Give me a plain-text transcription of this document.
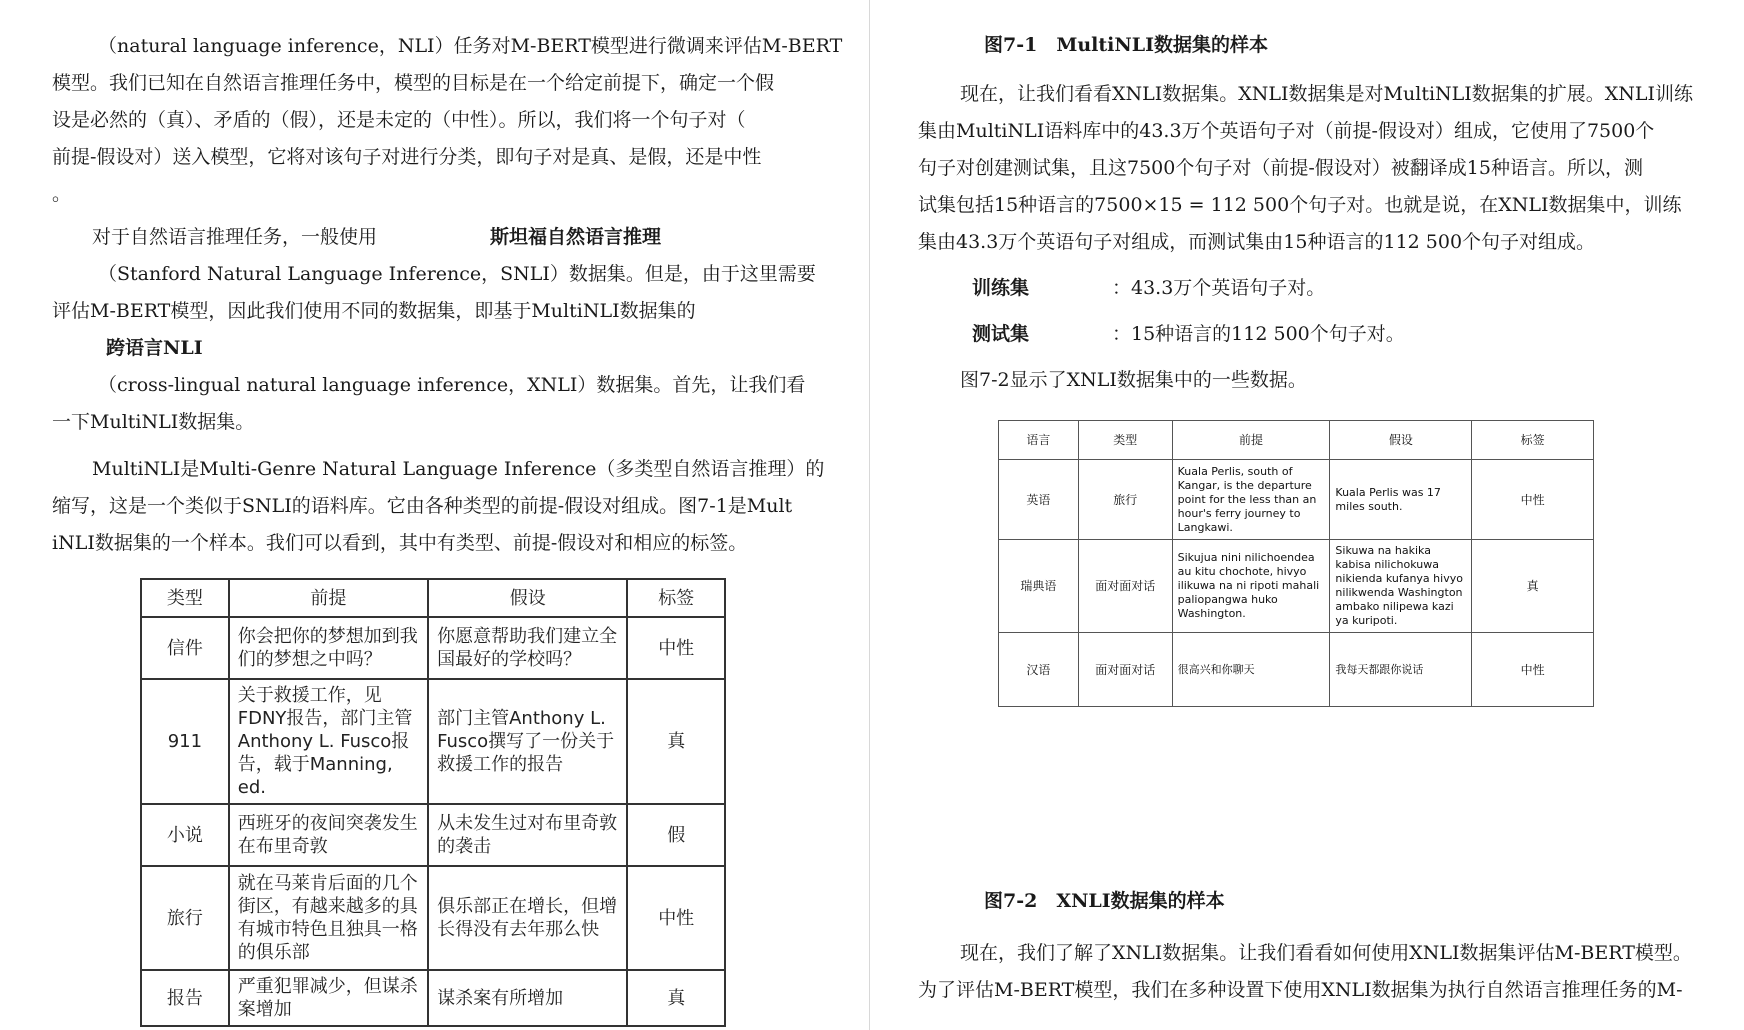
（natural language inference，NLI）任务对M-BERT模型进行微调来评估M-BERT
模型。我们已知在自然语言推理任务中，模型的目标是在一个给定前提下，确定一个假
设是必然的（真）、矛盾的（假），还是未定的（中性）。所以，我们将一个句子对（
前提-假设对）送入模型，它将对该句子对进行分类，即句子对是真、是假，还是中性
。
对于自然语言推理任务，一般使用	斯坦福自然语言推理
（Stanford Natural Language Inference，SNLI）数据集。但是，由于这里需要
评估M-BERT模型，因此我们使用不同的数据集，即基于MultiNLI数据集的
跨语言NLI
（cross-lingual natural language inference，XNLI）数据集。首先，让我们看
一下MultiNLI数据集。
MultiNLI是Multi-Genre Natural Language Inference（多类型自然语言推理）的
缩写，这是一个类似于SNLI的语料库。它由各种类型的前提-假设对组成。图7-1是Mult
iNLI数据集的一个样本。我们可以看到，其中有类型、前提-假设对和相应的标签。
类型	前提	假设	标签
信件	你会把你的梦想加到我们的梦想之中吗？	你愿意帮助我们建立全国最好的学校吗？	中性
911	关于救援工作，见FDNY报告，部门主管Anthony L. Fusco报告，载于Manning, ed.	部门主管Anthony L. Fusco撰写了一份关于救援工作的报告	真
小说	西班牙的夜间突袭发生在布里奇敦	从未发生过对布里奇敦的袭击	假
旅行	就在马莱肯后面的几个街区，有越来越多的具有城市特色且独具一格的俱乐部	俱乐部正在增长，但增长得没有去年那么快	中性
报告	严重犯罪减少，但谋杀案增加	谋杀案有所增加	真
图7-1　MultiNLI数据集的样本
现在，让我们看看XNLI数据集。XNLI数据集是对MultiNLI数据集的扩展。XNLI训练
集由MultiNLI语料库中的43.3万个英语句子对（前提-假设对）组成，它使用了7500个
句子对创建测试集，且这7500个句子对（前提-假设对）被翻译成15种语言。所以，测
试集包括15种语言的7500×15 = 112 500个句子对。也就是说，在XNLI数据集中，训练
集由43.3万个英语句子对组成，而测试集由15种语言的112 500个句子对组成。
训练集	：43.3万个英语句子对。
测试集	：15种语言的112 500个句子对。
图7-2显示了XNLI数据集中的一些数据。
语言	类型	前提	假设	标签
英语	旅行	Kuala Perlis, south of Kangar, is the departure point for the less than an hour's ferry journey to Langkawi.	Kuala Perlis was 17 miles south.	中性
瑞典语	面对面对话	Sikujua nini nilichoendea au kitu chochote, hivyo ilikuwa na ni ripoti mahali paliopangwa huko Washington.	Sikuwa na hakika kabisa nilichokuwa nikienda kufanya hivyo nilikwenda Washington ambako nilipewa kazi ya kuripoti.	真
汉语	面对面对话	很高兴和你聊天	我每天都跟你说话	中性
图7-2　XNLI数据集的样本
现在，我们了解了XNLI数据集。让我们看看如何使用XNLI数据集评估M-BERT模型。
为了评估M-BERT模型，我们在多种设置下使用XNLI数据集为执行自然语言推理任务的M-
